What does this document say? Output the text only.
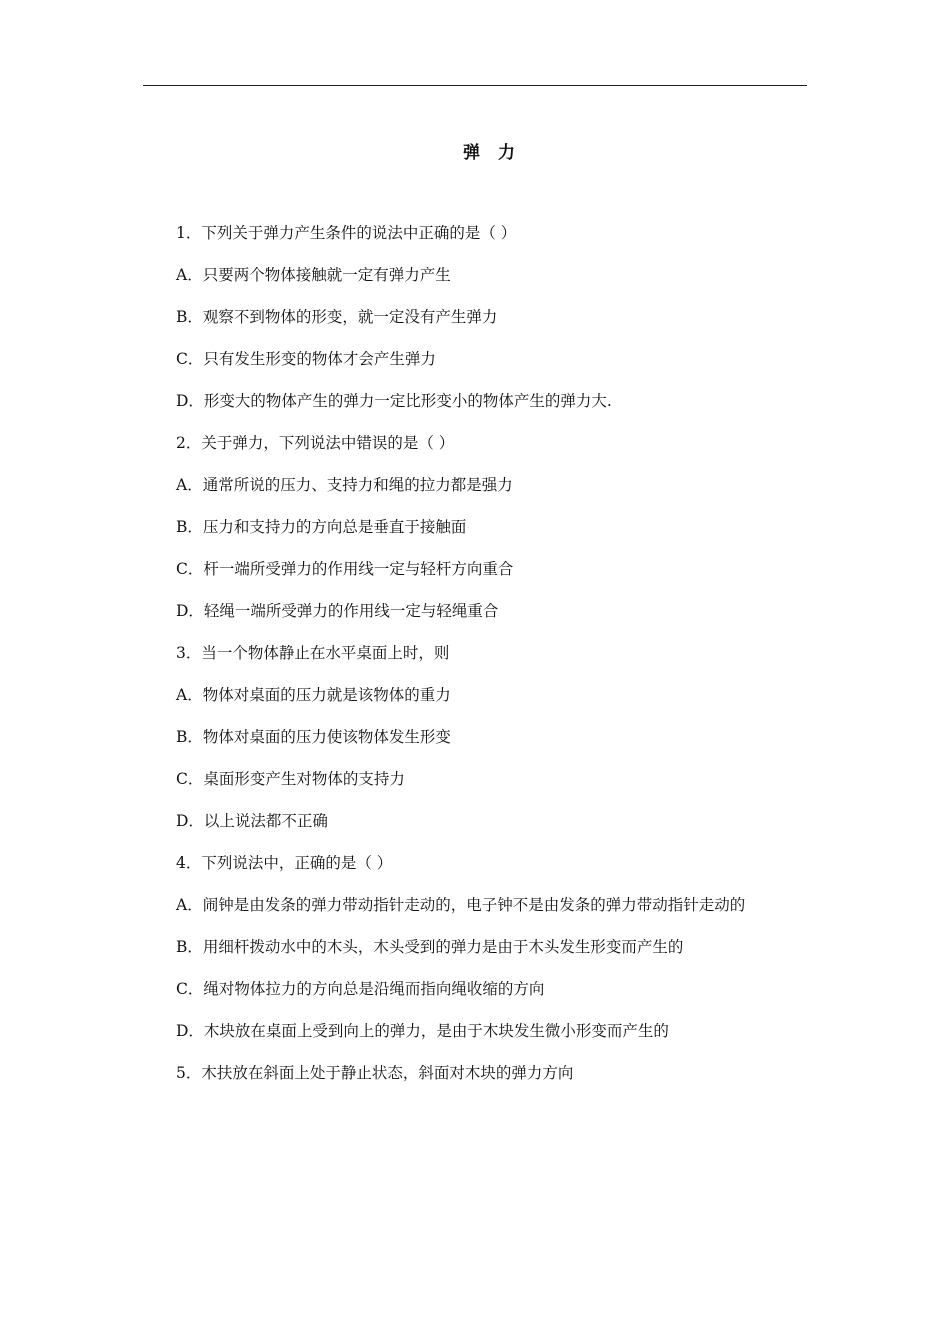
弹 力
1．下列关于弹力产生条件的说法中正确的是（ ）
A．只要两个物体接触就一定有弹力产生
B．观察不到物体的形变，就一定没有产生弹力
C．只有发生形变的物体才会产生弹力
D．形变大的物体产生的弹力一定比形变小的物体产生的弹力大.
2．关于弹力，下列说法中错误的是（ ）
A．通常所说的压力、支持力和绳的拉力都是强力
B．压力和支持力的方向总是垂直于接触面
C．杆一端所受弹力的作用线一定与轻杆方向重合
D．轻绳一端所受弹力的作用线一定与轻绳重合
3．当一个物体静止在水平桌面上时，则
A．物体对桌面的压力就是该物体的重力
B．物体对桌面的压力使该物体发生形变
C．桌面形变产生对物体的支持力
D．以上说法都不正确
4．下列说法中，正确的是（ ）
A．闹钟是由发条的弹力带动指针走动的，电子钟不是由发条的弹力带动指针走动的
B．用细杆拨动水中的木头，木头受到的弹力是由于木头发生形变而产生的
C．绳对物体拉力的方向总是沿绳而指向绳收缩的方向
D．木块放在桌面上受到向上的弹力，是由于木块发生微小形变而产生的
5．木扶放在斜面上处于静止状态，斜面对木块的弹力方向
